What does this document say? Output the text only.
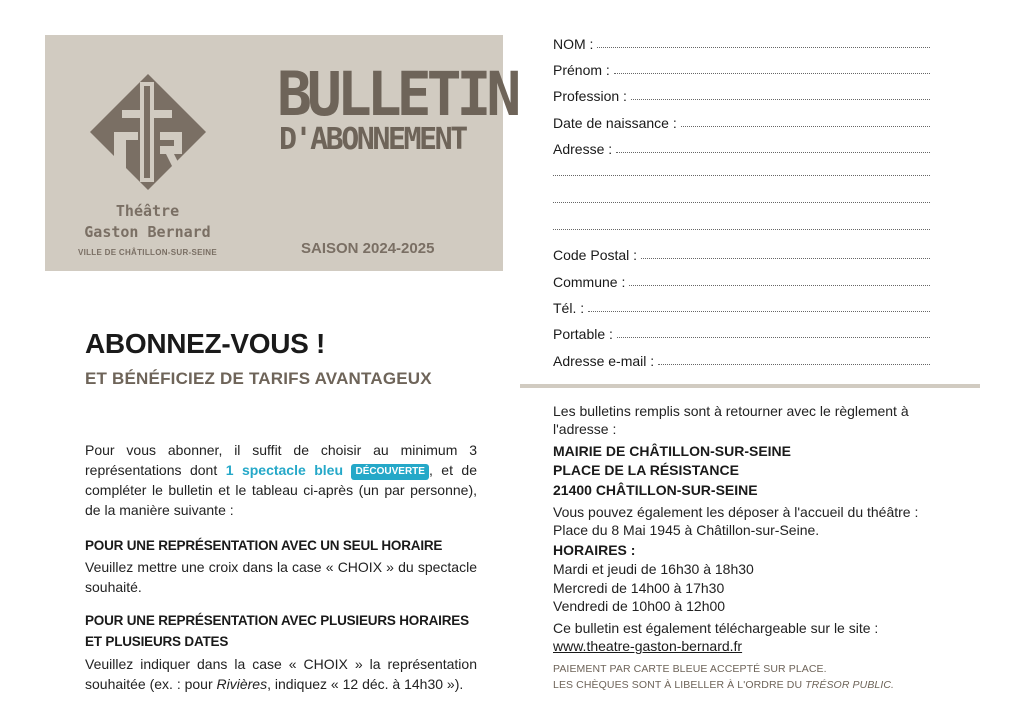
Théâtre
Gaston Bernard
VILLE DE CHÂTILLON-SUR-SEINE
BULLETIN
D'ABONNEMENT
SAISON 2024-2025
ABONNEZ-VOUS !
ET BÉNÉFICIEZ DE TARIFS AVANTAGEUX
Pour vous abonner, il suffit de choisir au minimum 3 représentations dont 1 spectacle bleu DÉCOUVERTE , et de compléter le bulletin et le tableau ci-après (un par personne), de la manière suivante :
POUR UNE REPRÉSENTATION AVEC UN SEUL HORAIRE
Veuillez mettre une croix dans la case « CHOIX » du spectacle souhaité.
POUR UNE REPRÉSENTATION AVEC PLUSIEURS HORAIRES
ET PLUSIEURS DATES
Veuillez indiquer dans la case « CHOIX » la représentation souhaitée (ex. : pour Rivières, indiquez « 12 déc. à 14h30 »).
NOM :
Prénom :
Profession :
Date de naissance :
Adresse :
Code Postal :
Commune :
Tél. :
Portable :
Adresse e-mail :
Les bulletins remplis sont à retourner avec le règlement à l'adresse :
MAIRIE DE CHÂTILLON-SUR-SEINE
PLACE DE LA RÉSISTANCE
21400 CHÂTILLON-SUR-SEINE
Vous pouvez également les déposer à l'accueil du théâtre : Place du 8 Mai 1945 à Châtillon-sur-Seine.
HORAIRES :
Mardi et jeudi de 16h30 à 18h30
Mercredi de 14h00 à 17h30
Vendredi de 10h00 à 12h00
Ce bulletin est également téléchargeable sur le site :
www.theatre-gaston-bernard.fr
PAIEMENT PAR CARTE BLEUE ACCEPTÉ SUR PLACE.
LES CHÈQUES SONT À LIBELLER À L'ORDRE DU TRÉSOR PUBLIC.
